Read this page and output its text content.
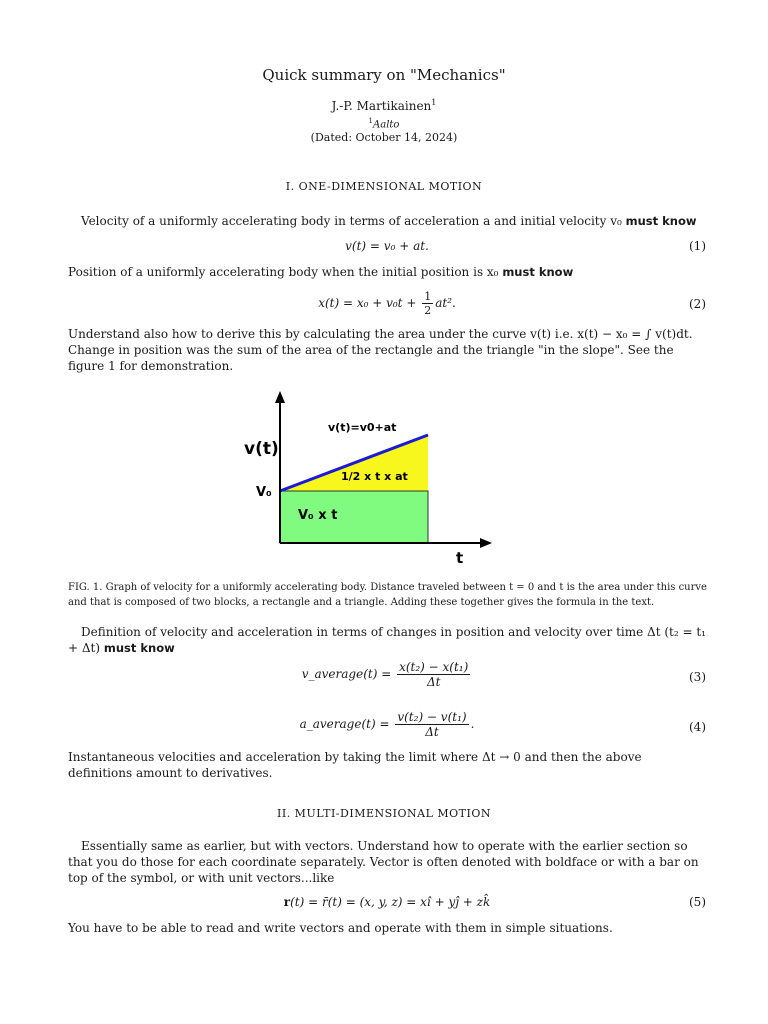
Quick summary on "Mechanics"
J.-P. Martikainen$^1$
$^1$Aalto
(Dated: October 14, 2024)
I. ONE-DIMENSIONAL MOTION
Velocity of a uniformly accelerating body in terms of acceleration a and initial velocity v₀ must know
v(t) = v₀ + at.	(1)
Position of a uniformly accelerating body when the initial position is x₀ must know
$x(t) = x_0 + v_0t + \frac{1}{2} at^2$.	(2)
Understand also how to derive this by calculating the area under the curve v(t) i.e. x(t) − x₀ = ∫ v(t)dt. Change in position was the sum of the area of the rectangle and the triangle "in the slope". See the figure 1 for demonstration.
v(t)=v0+at
v(t)
V₀
1/2 x t x at
V₀ x t
t
FIG. 1. Graph of velocity for a uniformly accelerating body. Distance traveled between t = 0 and t is the area under this curve and that is composed of two blocks, a rectangle and a triangle. Adding these together gives the formula in the text.
Definition of velocity and acceleration in terms of changes in position and velocity over time Δt (t₂ = t₁ + Δt) must know
v_average(t) = $\frac{\text{x(t₂) − x(t₁)}}{\Delta t}$	(3)
a_average(t) = $\frac{\text{v(t₂) − v(t₁)}}{\Delta t}$ .	(4)
Instantaneous velocities and acceleration by taking the limit where Δt → 0 and then the above definitions amount to derivatives.
II. MULTI-DIMENSIONAL MOTION
Essentially same as earlier, but with vectors. Understand how to operate with the earlier section so that you do those for each coordinate separately. Vector is often denoted with boldface or with a bar on top of the symbol, or with unit vectors...like
r(t) = r̄(t) = (x, y, z) = xî + yĵ + zk̂	(5)
You have to be able to read and write vectors and operate with them in simple situations.
